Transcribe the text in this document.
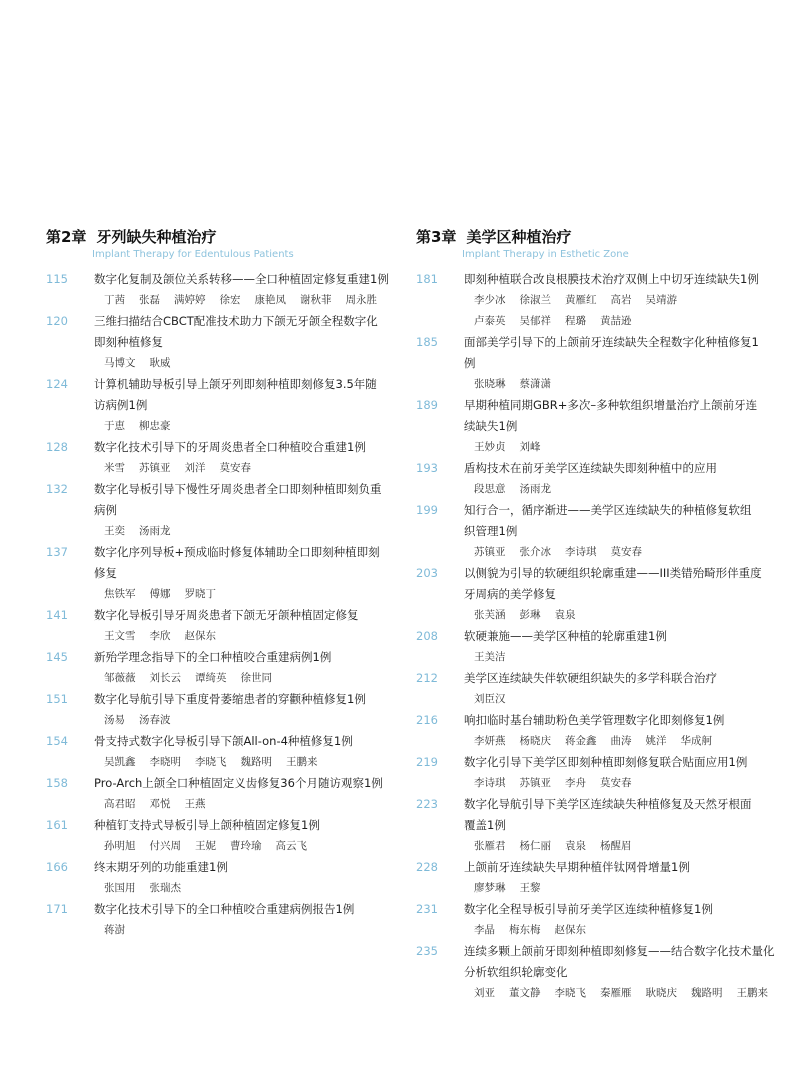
第2章 牙列缺失种植治疗
Implant Therapy for Edentulous Patients
115	数字化复制及颌位关系转移——全口种植固定修复重建1例
丁茜 张磊 满婷婷 徐宏 康艳凤 谢秋菲 周永胜
120	三维扫描结合CBCT配准技术助力下颌无牙颌全程数字化即刻种植修复
马博文 耿威
124	计算机辅助导板引导上颌牙列即刻种植即刻修复3.5年随访病例1例
于恵 柳忠豪
128	数字化技术引导下的牙周炎患者全口种植咬合重建1例
米雪 苏镇亚 刘洋 莫安春
132	数字化导板引导下慢性牙周炎患者全口即刻种植即刻负重病例
王奕 汤雨龙
137	数字化序列导板+预成临时修复体辅助全口即刻种植即刻修复
焦铁军 傅娜 罗晓丁
141	数字化导板引导牙周炎患者下颌无牙颌种植固定修复
王文雪 李欣 赵保东
145	新殆学理念指导下的全口种植咬合重建病例1例
邹薇薇 刘长云 谭绮英 徐世同
151	数字化导航引导下重度骨萎缩患者的穿颧种植修复1例
汤易 汤春波
154	骨支持式数字化导板引导下颌All-on-4种植修复1例
吴凯鑫 李晓明 李晓飞 魏路明 王鹏来
158	Pro-Arch上颌全口种植固定义齿修复36个月随访观察1例
高君昭 邓悦 王燕
161	种植钉支持式导板引导上颌种植固定修复1例
孙明旭 付兴周 王妮 曹玲瑜 高云飞
166	终末期牙列的功能重建1例
张国用 张瑞杰
171	数字化技术引导下的全口种植咬合重建病例报告1例
蒋澍
第3章 美学区种植治疗
Implant Therapy in Esthetic Zone
181	即刻种植联合改良根膜技术治疗双侧上中切牙连续缺失1例
李少冰 徐淑兰 黄雁红 高岩 吴靖游
卢泰英 吴郁祥 程璐 黄喆逊
185	面部美学引导下的上颌前牙连续缺失全程数字化种植修复1例
张晓琳 蔡潇潇
189	早期种植同期GBR+多次–多种软组织增量治疗上颌前牙连续缺失1例
王妙贞 刘峰
193	盾构技术在前牙美学区连续缺失即刻种植中的应用
段思意 汤雨龙
199	知行合一，循序渐进——美学区连续缺失的种植修复软组织管理1例
苏镇亚 张介冰 李诗琪 莫安春
203	以侧貌为引导的软硬组织轮廓重建——III类错殆畸形伴重度牙周病的美学修复
张芙涵 彭琳 袁泉
208	软硬兼施——美学区种植的轮廓重建1例
王美洁
212	美学区连续缺失伴软硬组织缺失的多学科联合治疗
刘臣汉
216	响扣临时基台辅助粉色美学管理数字化即刻修复1例
李妍燕 杨晓庆 蒋金鑫 曲涛 姚洋 华成舸
219	数字化引导下美学区即刻种植即刻修复联合贴面应用1例
李诗琪 苏镇亚 李舟 莫安春
223	数字化导航引导下美学区连续缺失种植修复及天然牙根面覆盖1例
张雁君 杨仁丽 袁泉 杨醒眉
228	上颌前牙连续缺失早期种植伴钛网骨增量1例
廖梦琳 王黎
231	数字化全程导板引导前牙美学区连续种植修复1例
李晶 梅东梅 赵保东
235	连续多颗上颌前牙即刻种植即刻修复——结合数字化技术量化分析软组织轮廓变化
刘亚 董文静 李晓飞 秦雁雁 耿晓庆 魏路明 王鹏来
